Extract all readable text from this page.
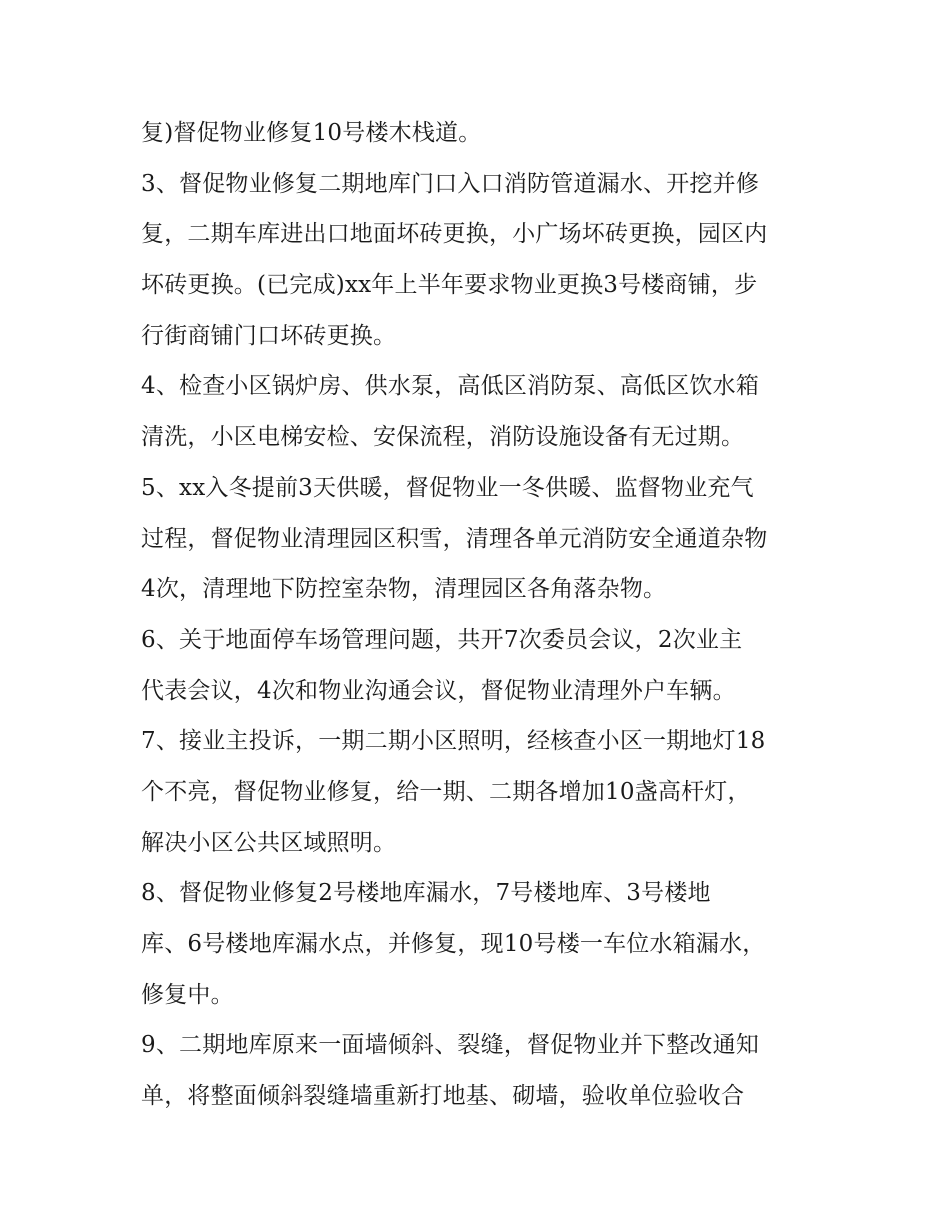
复)督促物业修复10号楼木栈道。
3、督促物业修复二期地库门口入口消防管道漏水、开挖并修
复，二期车库进出口地面坏砖更换，小广场坏砖更换，园区内
坏砖更换。(已完成)xx年上半年要求物业更换3号楼商铺，步
行街商铺门口坏砖更换。
4、检查小区锅炉房、供水泵，高低区消防泵、高低区饮水箱
清洗，小区电梯安检、安保流程，消防设施设备有无过期。
5、xx入冬提前3天供暖，督促物业一冬供暖、监督物业充气
过程，督促物业清理园区积雪，清理各单元消防安全通道杂物
4次，清理地下防控室杂物，清理园区各角落杂物。
6、关于地面停车场管理问题，共开7次委员会议，2次业主
代表会议，4次和物业沟通会议，督促物业清理外户车辆。
7、接业主投诉，一期二期小区照明，经核查小区一期地灯18
个不亮，督促物业修复，给一期、二期各增加10盏高杆灯，
解决小区公共区域照明。
8、督促物业修复2号楼地库漏水，7号楼地库、3号楼地
库、6号楼地库漏水点，并修复，现10号楼一车位水箱漏水，
修复中。
9、二期地库原来一面墙倾斜、裂缝，督促物业并下整改通知
单，将整面倾斜裂缝墙重新打地基、砌墙，验收单位验收合
